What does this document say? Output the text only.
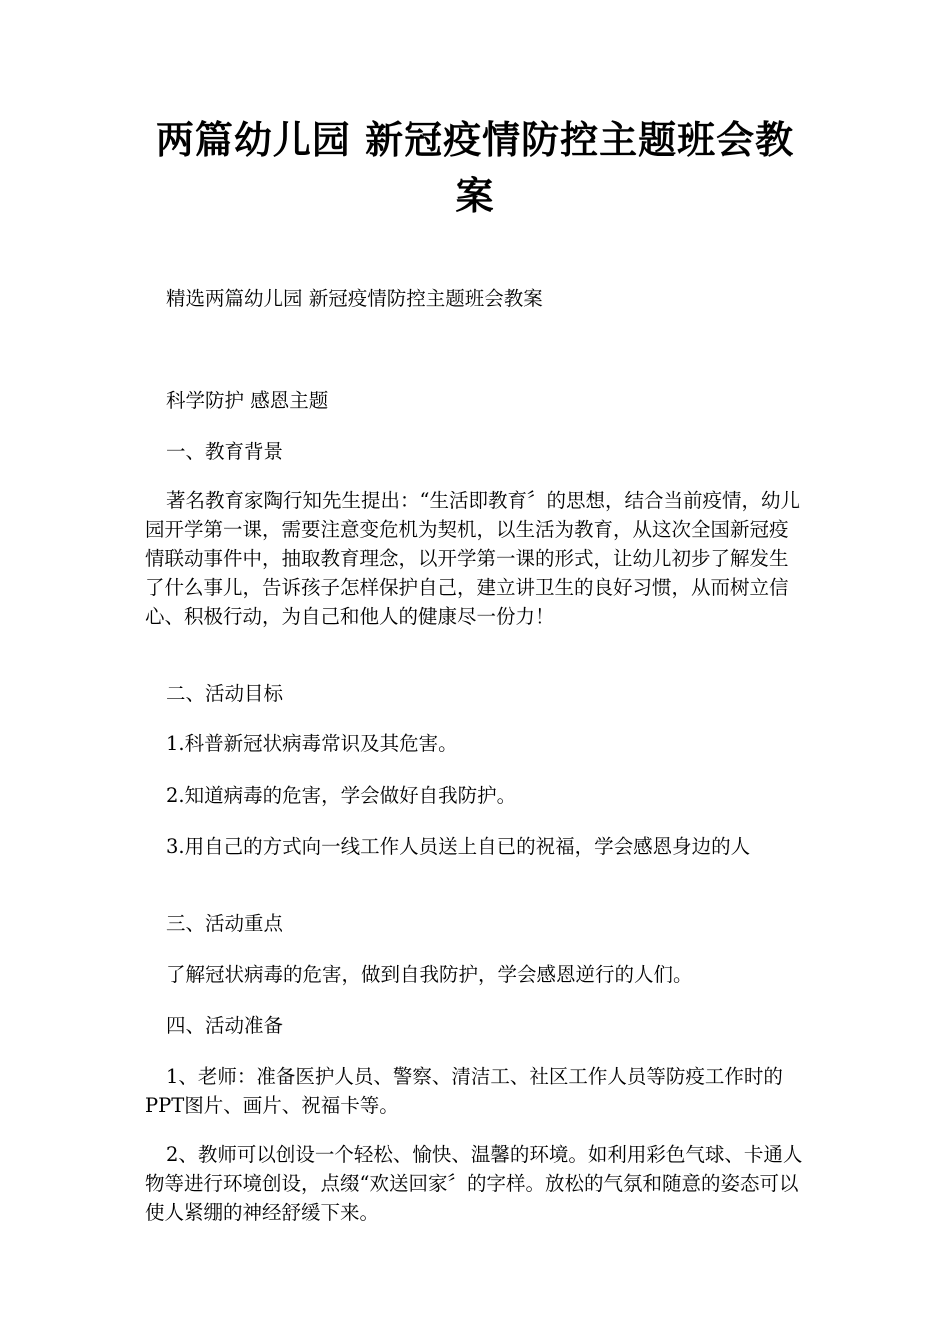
两篇幼儿园 新冠疫情防控主题班会教案

精选两篇幼儿园 新冠疫情防控主题班会教案

科学防护 感恩主题

一、教育背景

著名教育家陶行知先生提出：“生活即教育〞的思想，结合当前疫情，幼儿园开学第一课，需要注意变危机为契机，以生活为教育，从这次全国新冠疫情联动事件中，抽取教育理念，以开学第一课的形式，让幼儿初步了解发生了什么事儿，告诉孩子怎样保护自己，建立讲卫生的良好习惯，从而树立信心、积极行动，为自己和他人的健康尽一份力！

二、活动目标

1.科普新冠状病毒常识及其危害。

2.知道病毒的危害，学会做好自我防护。

3.用自己的方式向一线工作人员送上自已的祝福，学会感恩身边的人

三、活动重点

了解冠状病毒的危害，做到自我防护，学会感恩逆行的人们。

四、活动准备

1、老师：准备医护人员、警察、清洁工、社区工作人员等防疫工作时的PPT图片、画片、祝福卡等。

2、教师可以创设一个轻松、愉快、温馨的环境。如利用彩色气球、卡通人物等进行环境创设，点缀“欢送回家〞的字样。放松的气氛和随意的姿态可以使人紧绷的神经舒缓下来。
